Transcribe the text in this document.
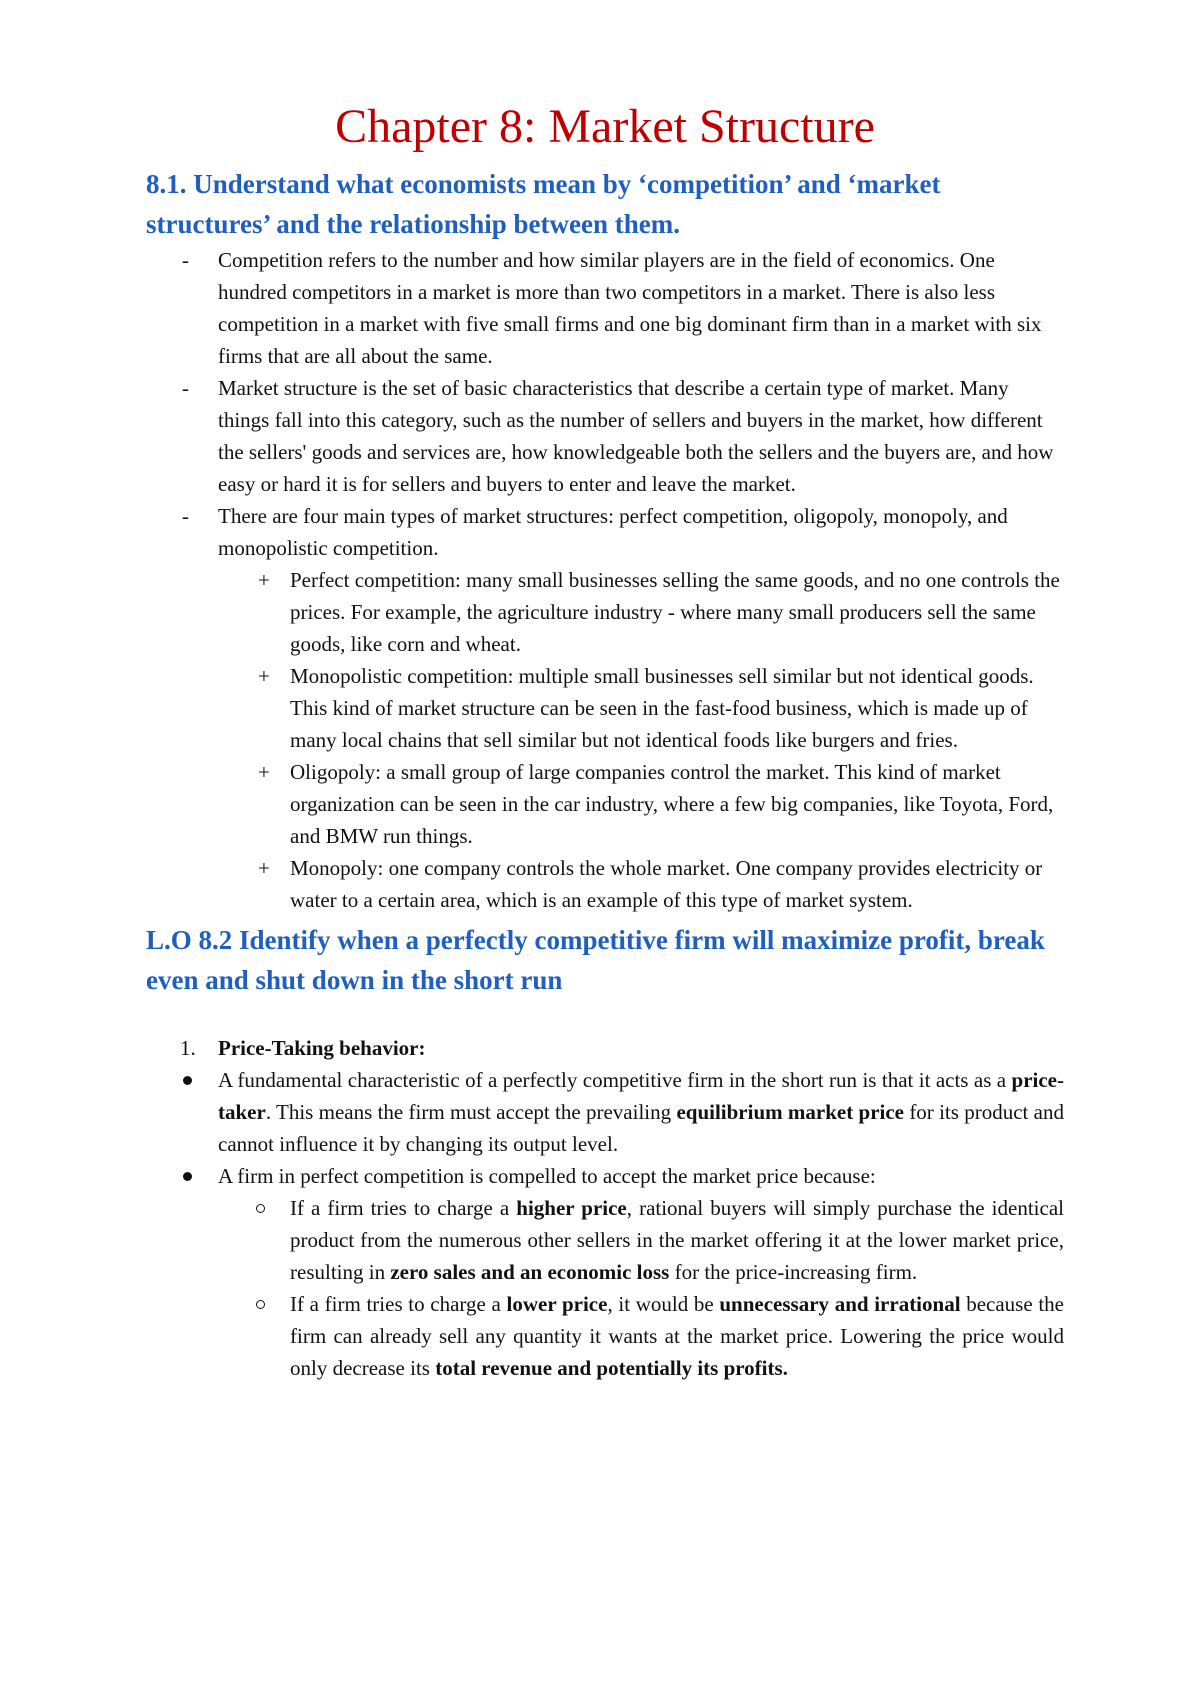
Chapter 8: Market Structure
8.1. Understand what economists mean by ‘competition’ and ‘market structures’ and the relationship between them.
- Competition refers to the number and how similar players are in the field of economics. One hundred competitors in a market is more than two competitors in a market. There is also less competition in a market with five small firms and one big dominant firm than in a market with six firms that are all about the same.
- Market structure is the set of basic characteristics that describe a certain type of market. Many things fall into this category, such as the number of sellers and buyers in the market, how different the sellers' goods and services are, how knowledgeable both the sellers and the buyers are, and how easy or hard it is for sellers and buyers to enter and leave the market.
- There are four main types of market structures: perfect competition, oligopoly, monopoly, and monopolistic competition.
+ Perfect competition: many small businesses selling the same goods, and no one controls the prices. For example, the agriculture industry - where many small producers sell the same goods, like corn and wheat.
+ Monopolistic competition: multiple small businesses sell similar but not identical goods. This kind of market structure can be seen in the fast-food business, which is made up of many local chains that sell similar but not identical foods like burgers and fries.
+ Oligopoly: a small group of large companies control the market. This kind of market organization can be seen in the car industry, where a few big companies, like Toyota, Ford, and BMW run things.
+ Monopoly: one company controls the whole market. One company provides electricity or water to a certain area, which is an example of this type of market system.
L.O 8.2 Identify when a perfectly competitive firm will maximize profit, break even and shut down in the short run
1. Price-Taking behavior:
A fundamental characteristic of a perfectly competitive firm in the short run is that it acts as a price-taker. This means the firm must accept the prevailing equilibrium market price for its product and cannot influence it by changing its output level.
A firm in perfect competition is compelled to accept the market price because:
If a firm tries to charge a higher price, rational buyers will simply purchase the identical product from the numerous other sellers in the market offering it at the lower market price, resulting in zero sales and an economic loss for the price-increasing firm.
If a firm tries to charge a lower price, it would be unnecessary and irrational because the firm can already sell any quantity it wants at the market price. Lowering the price would only decrease its total revenue and potentially its profits.
